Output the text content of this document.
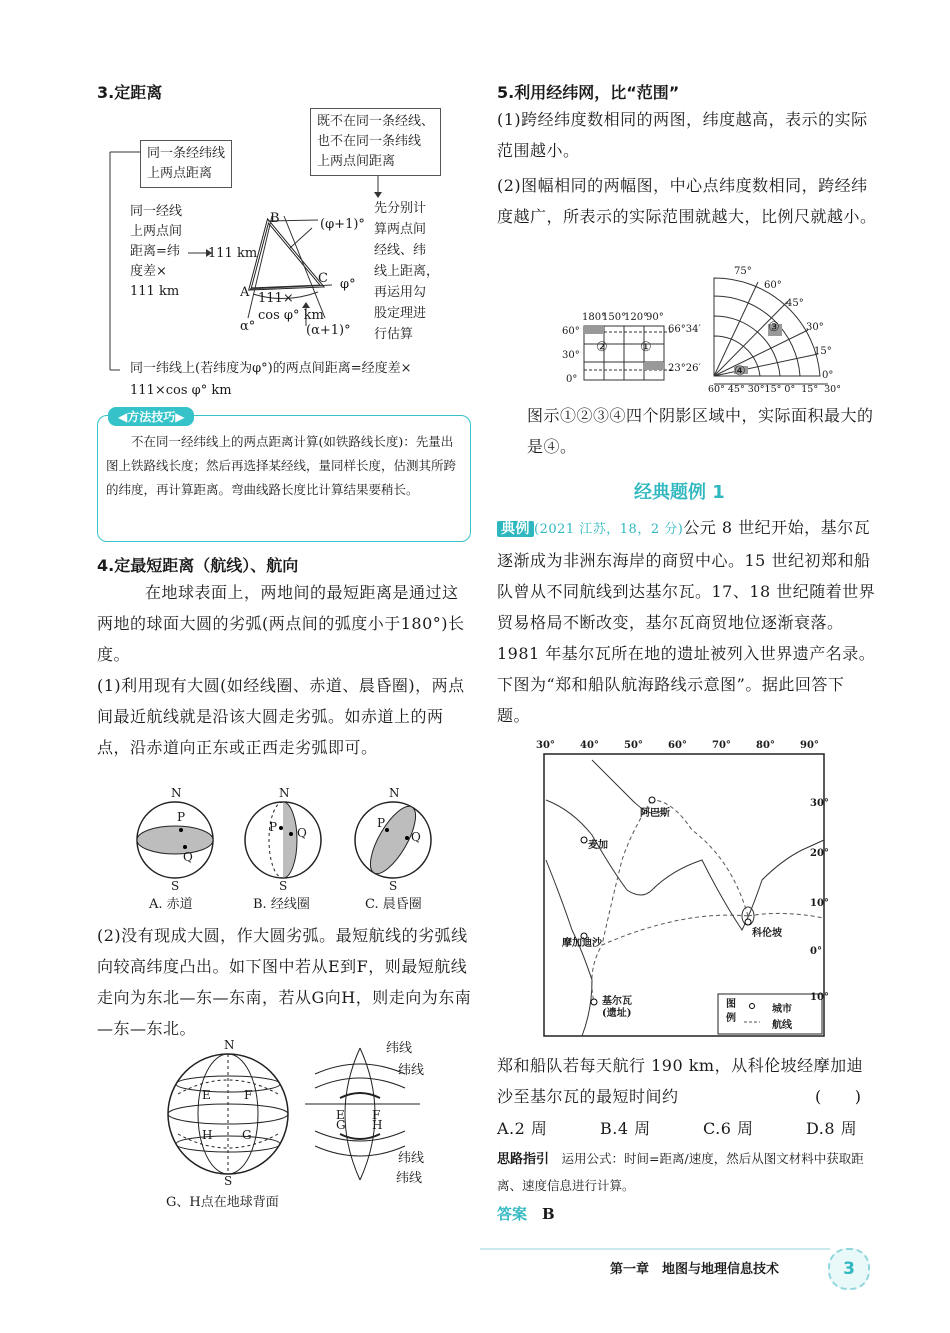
3.定距离
同一条经纬线
上两点距离
既不在同一条经线、
也不在同一条纬线
上两点间距离
同一经线
上两点间
距离=纬
度差×
111 km
111 km
先分别计
算两点间
经线、纬
线上距离，
再运用勾
股定理进
行估算
B
A
C
(φ+1)°
φ°
α°	(α+1)°
111×
cos φ° km
同一纬线上(若纬度为φ°)的两点间距离=经度差×
111×cos φ° km
◀方法技巧▶
不在同一经纬线上的两点距离计算(如铁路线长度)：先量出图上铁路线长度；然后再选择某经线，量同样长度，估测其所跨的纬度，再计算距离。弯曲线路长度比计算结果要稍长。
4.定最短距离（航线）、航向
在地球表面上，两地间的最短距离是通过这两地的球面大圆的劣弧(两点间的弧度小于180°)长度。
(1)利用现有大圆(如经线圈、赤道、晨昏圈)，两点间最近航线就是沿该大圆走劣弧。如赤道上的两点，沿赤道向正东或正西走劣弧即可。
N
P
Q
S
A. 赤道
N
P Q
S
B. 经线圈
N
P
Q
S
C. 晨昏圈
(2)没有现成大圆，作大圆劣弧。最短航线的劣弧线向较高纬度凸出。如下图中若从E到F，则最短航线走向为东北—东—东南，若从G向H，则走向为东南—东—东北。
N
E	F
H G
S
E F
G H
纬线
纬线
纬线
纬线
G、H点在地球背面
5.利用经纬网，比“范围”
(1)跨经纬度数相同的两图，纬度越高，表示的实际范围越小。
(2)图幅相同的两幅图，中心点纬度数相同，跨经纬度越广，所表示的实际范围就越大，比例尺就越小。
180°
150°
120°
90°
60°
30°
0°
66°34′
23°26′
①
②
75°
60°
45°
30°
15°
0°
60° 45° 30°15° 0°  15°  30°
③
④
图示①②③④四个阴影区域中，实际面积最大的是④。
经典题例 1
典例 (2021 江苏，18，2 分)公元 8 世纪开始，基尔瓦逐渐成为非洲东海岸的商贸中心。15 世纪初郑和船队曾从不同航线到达基尔瓦。17、18 世纪随着世界贸易格局不断改变，基尔瓦商贸地位逐渐衰落。1981 年基尔瓦所在地的遗址被列入世界遗产名录。下图为“郑和船队航海路线示意图”。据此回答下题。
30°	40°	50°	60°	70°	80°	90°
30°
20°
10°
0°
10°
阿巴斯
麦加
科伦坡
摩加迪沙
基尔瓦
(遗址)
图
例
城市
航线
郑和船队若每天航行 190 km，从科伦坡经摩加迪沙至基尔瓦的最短时间约	(　　)
A.2 周	B.4 周	C.6 周	D.8 周
思路指引　 运用公式：时间=距离/速度，然后从图文材料中获取距离、速度信息进行计算。
答案　 B
第一章　地图与地理信息技术	3
